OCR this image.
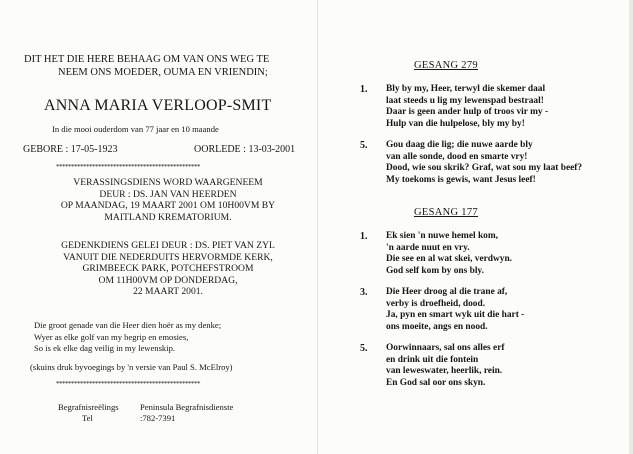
DIT HET DIE HERE BEHAAG OM VAN ONS WEG TE
NEEM ONS MOEDER, OUMA EN VRIENDIN;
ANNA MARIA VERLOOP-SMIT
In die mooi ouderdom van 77 jaar en 10 maande
GEBORE : 17-05-1923	OORLEDE : 13-03-2001
************************************************
VERASSINGSDIENS WORD WAARGENEEM
DEUR : DS. JAN VAN HEERDEN
OP MAANDAG, 19 MAART 2001 OM 10H00VM BY
MAITLAND KREMATORIUM.
GEDENKDIENS GELEI DEUR : DS. PIET VAN ZYL
VANUIT DIE NEDERDUITS HERVORMDE KERK,
GRIMBEECK PARK, POTCHEFSTROOM
OM 11H00VM OP DONDERDAG,
22 MAART 2001.
Die groot genade van die Heer dien hoër as my denke;
Wyer as elke golf van my begrip en emosies,
So is ek elke dag veilig in my lewenskip.
(skuins druk byvoegings by 'n versie van Paul S. McElroy)
************************************************
Begrafnisreëlings Peninsula Begrafnisdienste
Tel	:782-7391
GESANG 279
1. Bly by my, Heer, terwyl die skemer daal
laat steeds u lig my lewenspad bestraal!
Daar is geen ander hulp of troos vir my -
Hulp van die hulpelose, bly my by!
5. Gou daag die lig; die nuwe aarde bly
van alle sonde, dood en smarte vry!
Dood, wie sou skrik? Graf, wat sou my laat beef?
My toekoms is gewis, want Jesus leef!
GESANG 177
1. Ek sien 'n nuwe hemel kom,
'n aarde nuut en vry.
Die see en al wat skei, verdwyn.
God self kom by ons bly.
3. Die Heer droog al die trane af,
verby is droefheid, dood.
Ja, pyn en smart wyk uit die hart -
ons moeite, angs en nood.
5. Oorwinnaars, sal ons alles erf
en drink uit die fontein
van leweswater, heerlik, rein.
En God sal oor ons skyn.
